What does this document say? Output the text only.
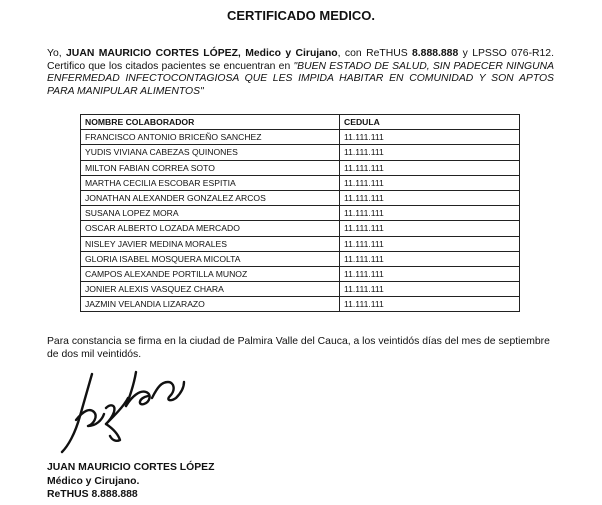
CERTIFICADO MEDICO.
Yo, JUAN MAURICIO CORTES LÓPEZ, Medico y Cirujano, con ReTHUS 8.888.888 y LPSSO 076-R12. Certifico que los citados pacientes se encuentran en "BUEN ESTADO DE SALUD, SIN PADECER NINGUNA ENFERMEDAD INFECTOCONTAGIOSA QUE LES IMPIDA HABITAR EN COMUNIDAD Y SON APTOS PARA MANIPULAR ALIMENTOS"
NOMBRE COLABORADOR	CEDULA
FRANCISCO ANTONIO BRICEÑO SANCHEZ	11.111.111
YUDIS VIVIANA CABEZAS QUINONES	11.111.111
MILTON FABIAN CORREA SOTO	11.111.111
MARTHA CECILIA ESCOBAR ESPITIA	11.111.111
JONATHAN ALEXANDER GONZALEZ ARCOS	11.111.111
SUSANA LOPEZ MORA	11.111.111
OSCAR ALBERTO LOZADA MERCADO	11.111.111
NISLEY JAVIER MEDINA MORALES	11.111.111
GLORIA ISABEL MOSQUERA MICOLTA	11.111.111
CAMPOS ALEXANDE PORTILLA MUNOZ	11.111.111
JONIER ALEXIS VASQUEZ CHARA	11.111.111
JAZMIN VELANDIA LIZARAZO	11.111.111
Para constancia se firma en la ciudad de Palmira Valle del Cauca, a los veintidós días del mes de septiembre de dos mil veintidós.
JUAN MAURICIO CORTES LÓPEZ
Médico y Cirujano.
ReTHUS 8.888.888
